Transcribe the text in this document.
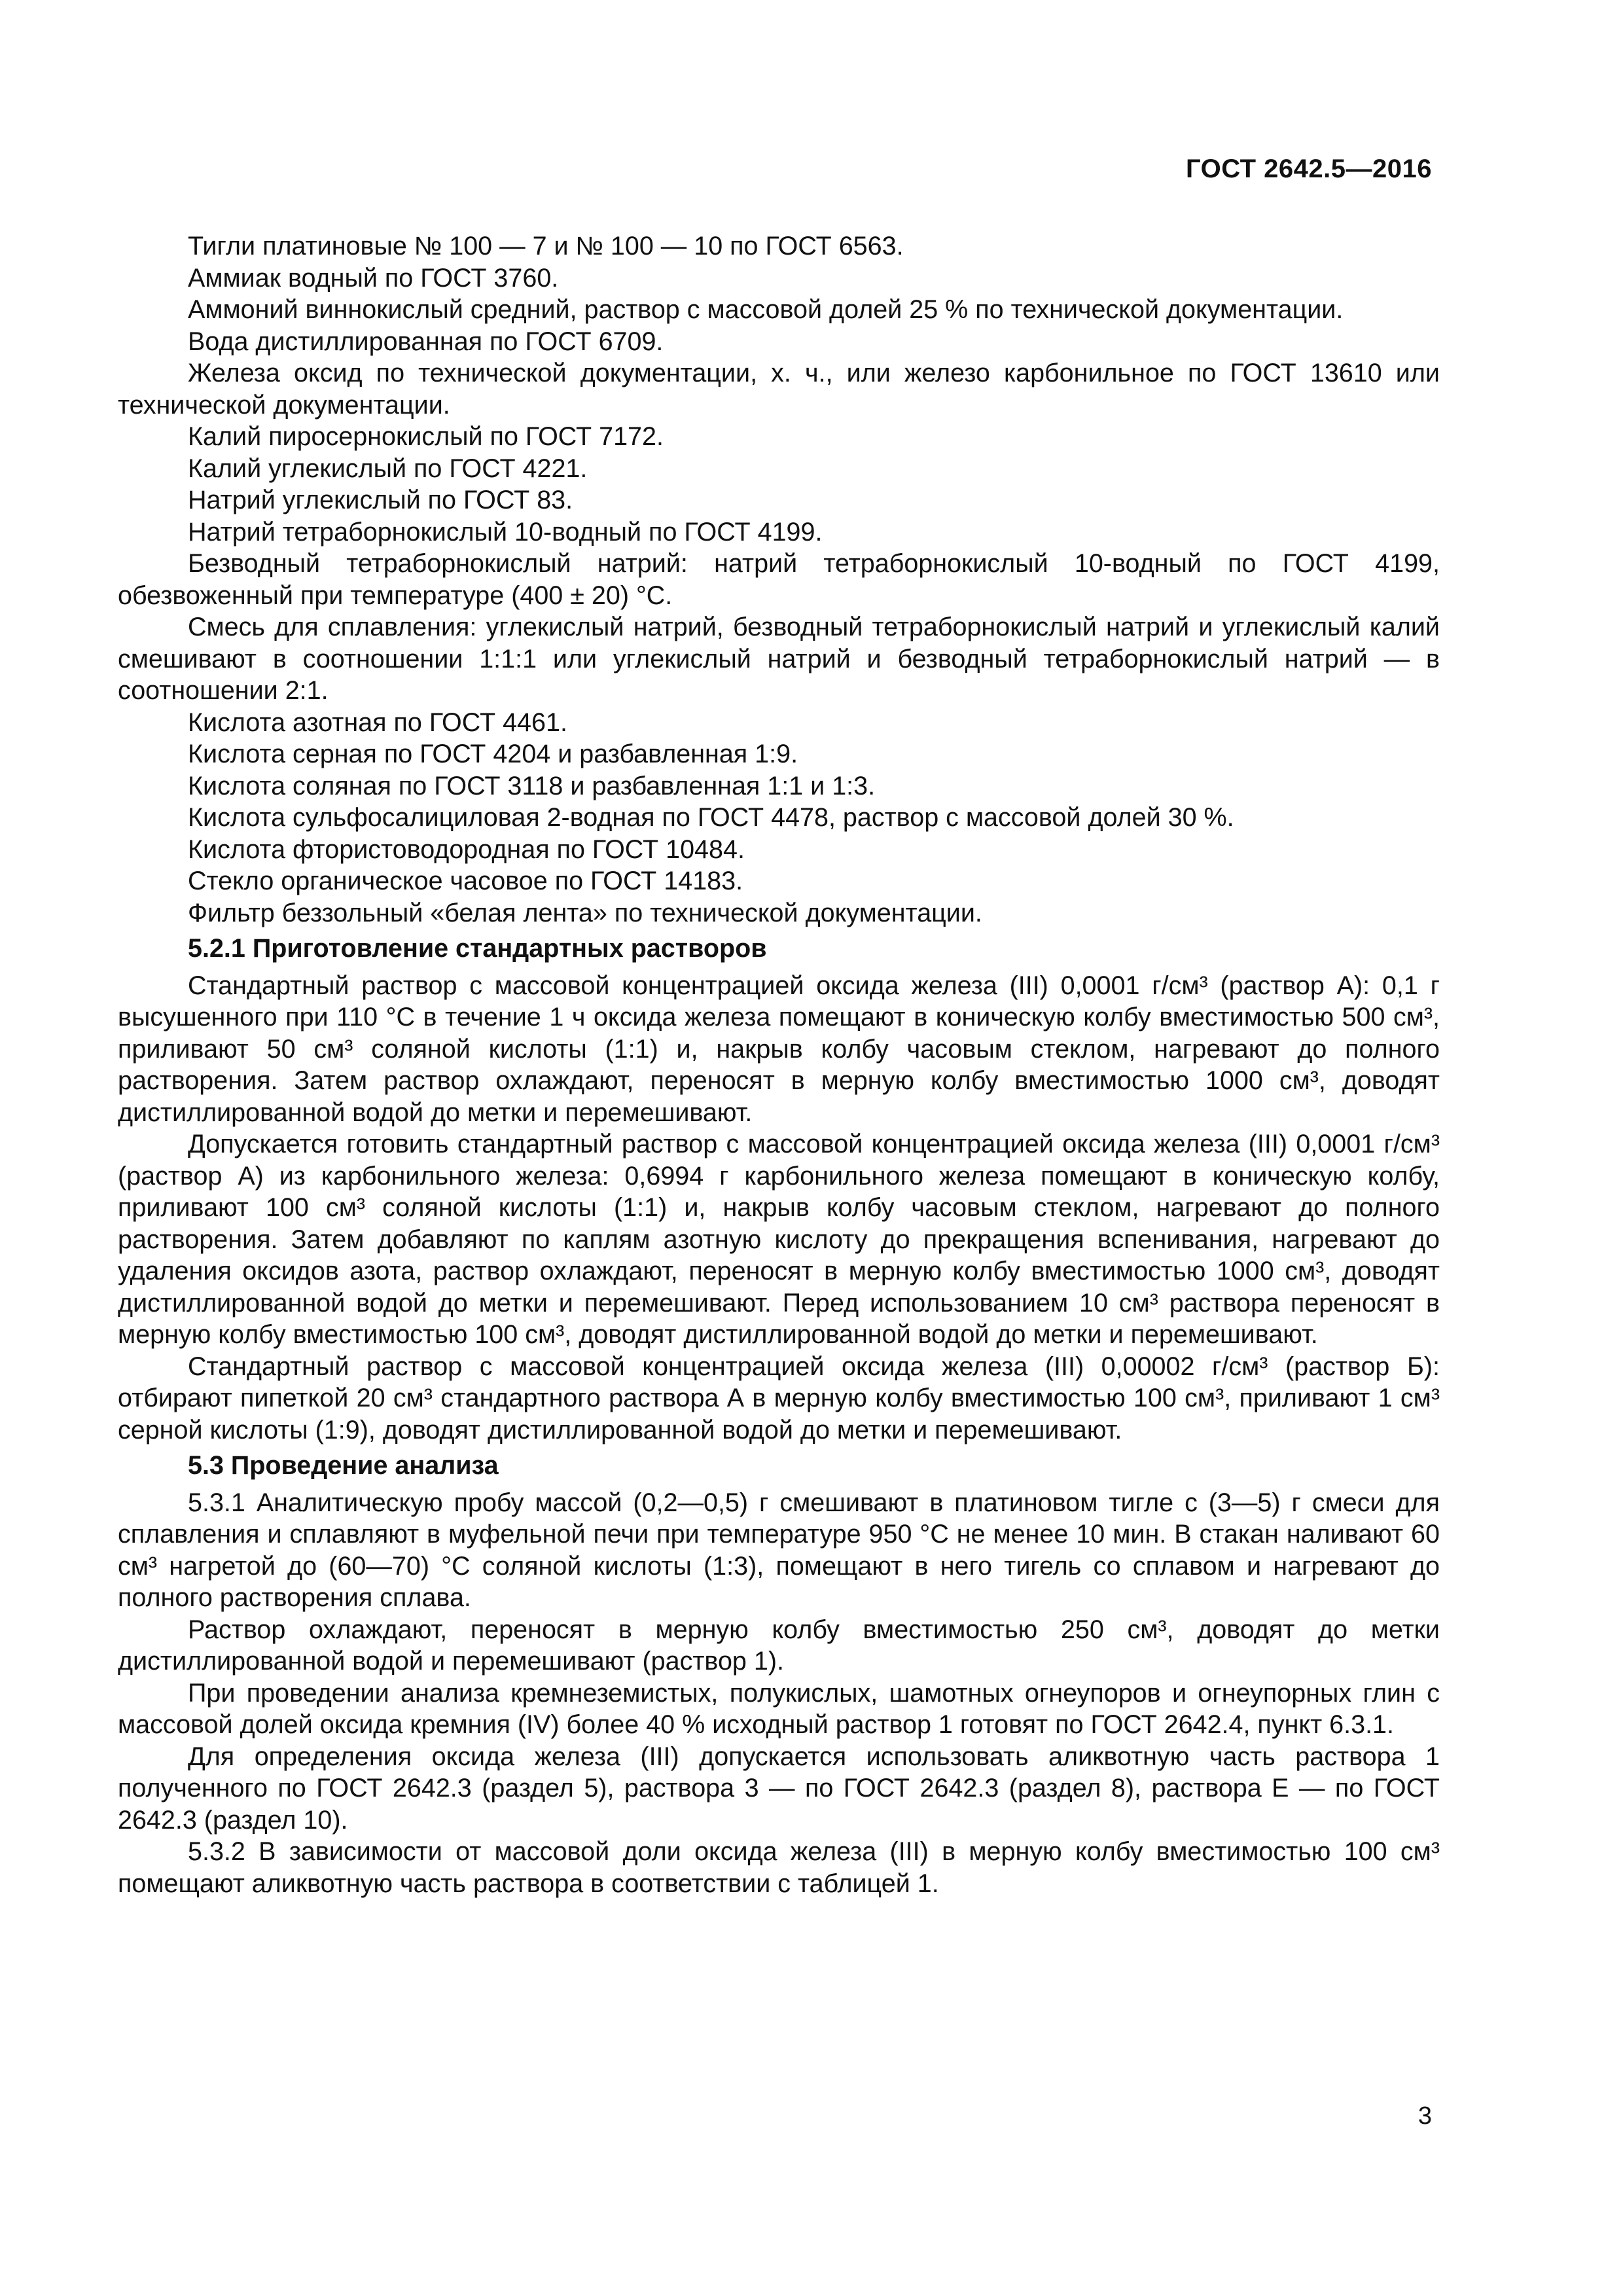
ГОСТ 2642.5—2016

Тигли платиновые № 100 — 7 и № 100 — 10 по ГОСТ 6563.

Аммиак водный по ГОСТ 3760.

Аммоний виннокислый средний, раствор с массовой долей 25 % по технической документации.

Вода дистиллированная по ГОСТ 6709.

Железа оксид по технической документации, х. ч., или железо карбонильное по ГОСТ 13610 или технической документации.

Калий пиросернокислый по ГОСТ 7172.

Калий углекислый по ГОСТ 4221.

Натрий углекислый по ГОСТ 83.

Натрий тетраборнокислый 10-водный по ГОСТ 4199.

Безводный тетраборнокислый натрий: натрий тетраборнокислый 10-водный по ГОСТ 4199, обезвоженный при температуре (400 ± 20) °С.

Смесь для сплавления: углекислый натрий, безводный тетраборнокислый натрий и углекислый калий смешивают в соотношении 1:1:1 или углекислый натрий и безводный тетраборнокислый натрий — в соотношении 2:1.

Кислота азотная по ГОСТ 4461.

Кислота серная по ГОСТ 4204 и разбавленная 1:9.

Кислота соляная по ГОСТ 3118 и разбавленная 1:1 и 1:3.

Кислота сульфосалициловая 2-водная по ГОСТ 4478, раствор с массовой долей 30 %.

Кислота фтористоводородная по ГОСТ 10484.

Стекло органическое часовое по ГОСТ 14183.

Фильтр беззольный «белая лента» по технической документации.

5.2.1 Приготовление стандартных растворов

Стандартный раствор с массовой концентрацией оксида железа (III) 0,0001 г/см³ (раствор А): 0,1 г высушенного при 110 °С в течение 1 ч оксида железа помещают в коническую колбу вместимостью 500 см³, приливают 50 см³ соляной кислоты (1:1) и, накрыв колбу часовым стеклом, нагревают до полного растворения. Затем раствор охлаждают, переносят в мерную колбу вместимостью 1000 см³, доводят дистиллированной водой до метки и перемешивают.

Допускается готовить стандартный раствор с массовой концентрацией оксида железа (III) 0,0001 г/см³ (раствор А) из карбонильного железа: 0,6994 г карбонильного железа помещают в коническую колбу, приливают 100 см³ соляной кислоты (1:1) и, накрыв колбу часовым стеклом, нагревают до полного растворения. Затем добавляют по каплям азотную кислоту до прекращения вспенивания, нагревают до удаления оксидов азота, раствор охлаждают, переносят в мерную колбу вместимостью 1000 см³, доводят дистиллированной водой до метки и перемешивают. Перед использованием 10 см³ раствора переносят в мерную колбу вместимостью 100 см³, доводят дистиллированной водой до метки и перемешивают.

Стандартный раствор с массовой концентрацией оксида железа (III) 0,00002 г/см³ (раствор Б): отбирают пипеткой 20 см³ стандартного раствора А в мерную колбу вместимостью 100 см³, приливают 1 см³ серной кислоты (1:9), доводят дистиллированной водой до метки и перемешивают.

5.3 Проведение анализа

5.3.1 Аналитическую пробу массой (0,2—0,5) г смешивают в платиновом тигле с (3—5) г смеси для сплавления и сплавляют в муфельной печи при температуре 950 °С не менее 10 мин. В стакан наливают 60 см³ нагретой до (60—70) °С соляной кислоты (1:3), помещают в него тигель со сплавом и нагревают до полного растворения сплава.

Раствор охлаждают, переносят в мерную колбу вместимостью 250 см³, доводят до метки дистиллированной водой и перемешивают (раствор 1).

При проведении анализа кремнеземистых, полукислых, шамотных огнеупоров и огнеупорных глин с массовой долей оксида кремния (IV) более 40 % исходный раствор 1 готовят по ГОСТ 2642.4, пункт 6.3.1.

Для определения оксида железа (III) допускается использовать аликвотную часть раствора 1 полученного по ГОСТ 2642.3 (раздел 5), раствора 3 — по ГОСТ 2642.3 (раздел 8), раствора Е — по ГОСТ 2642.3 (раздел 10).

5.3.2 В зависимости от массовой доли оксида железа (III) в мерную колбу вместимостью 100 см³ помещают аликвотную часть раствора в соответствии с таблицей 1.

3
